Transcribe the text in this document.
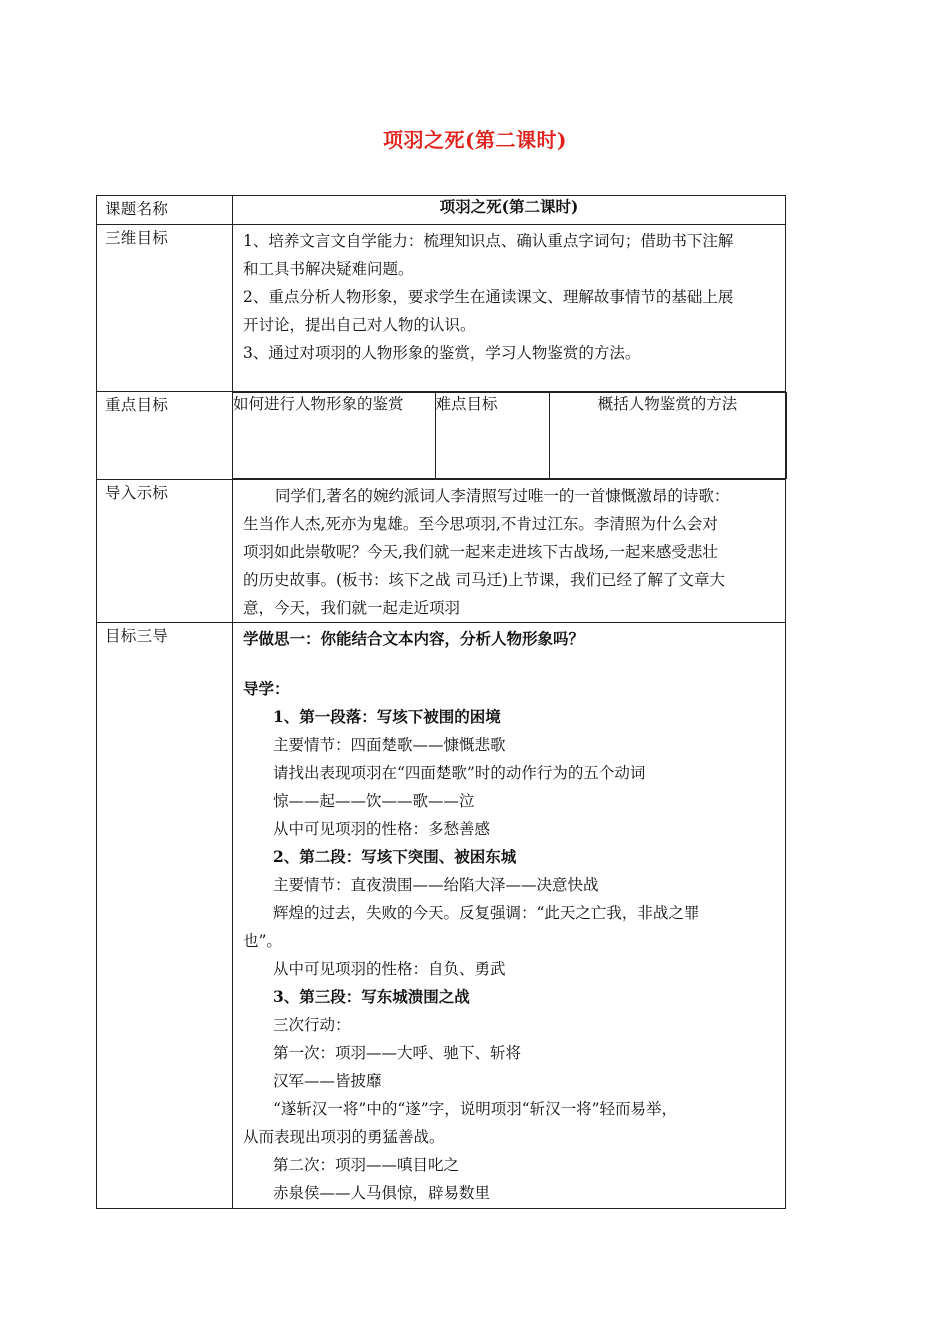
项羽之死(第二课时)
课题名称	项羽之死(第二课时)
三维目标	1、培养文言文自学能力：梳理知识点、确认重点字词句；借助书下注解

和工具书解决疑难问题。

2、重点分析人物形象，要求学生在通读课文、理解故事情节的基础上展

开讨论，提出自己对人物的认识。

3、通过对项羽的人物形象的鉴赏，学习人物鉴赏的方法。

重点目标		如何进行人物形象的鉴赏	难点目标	概括人物鉴赏的方法

导入示标	同学们,著名的婉约派词人李清照写过唯一的一首慷慨激昂的诗歌：

生当作人杰,死亦为鬼雄。至今思项羽,不肯过江东。李清照为什么会对

项羽如此崇敬呢？今天,我们就一起来走进垓下古战场,一起来感受悲壮

的历史故事。(板书：垓下之战 司马迁)上节课，我们已经了解了文章大

意，今天，我们就一起走近项羽

目标三导	学做思一：你能结合文本内容，分析人物形象吗？

导学：

1、第一段落：写垓下被围的困境

主要情节：四面楚歌——慷慨悲歌

请找出表现项羽在“四面楚歌”时的动作行为的五个动词

惊——起——饮——歌——泣

从中可见项羽的性格：多愁善感

2、第二段：写垓下突围、被困东城

主要情节：直夜溃围——绐陷大泽——决意快战

辉煌的过去，失败的今天。反复强调：“此天之亡我，非战之罪

也”。

从中可见项羽的性格：自负、勇武

3、第三段：写东城溃围之战

三次行动：

第一次：项羽——大呼、驰下、斩将

汉军——皆披靡

“遂斩汉一将”中的“遂”字，说明项羽“斩汉一将”轻而易举，

从而表现出项羽的勇猛善战。

第二次：项羽——嗔目叱之

赤泉侯——人马俱惊，辟易数里
